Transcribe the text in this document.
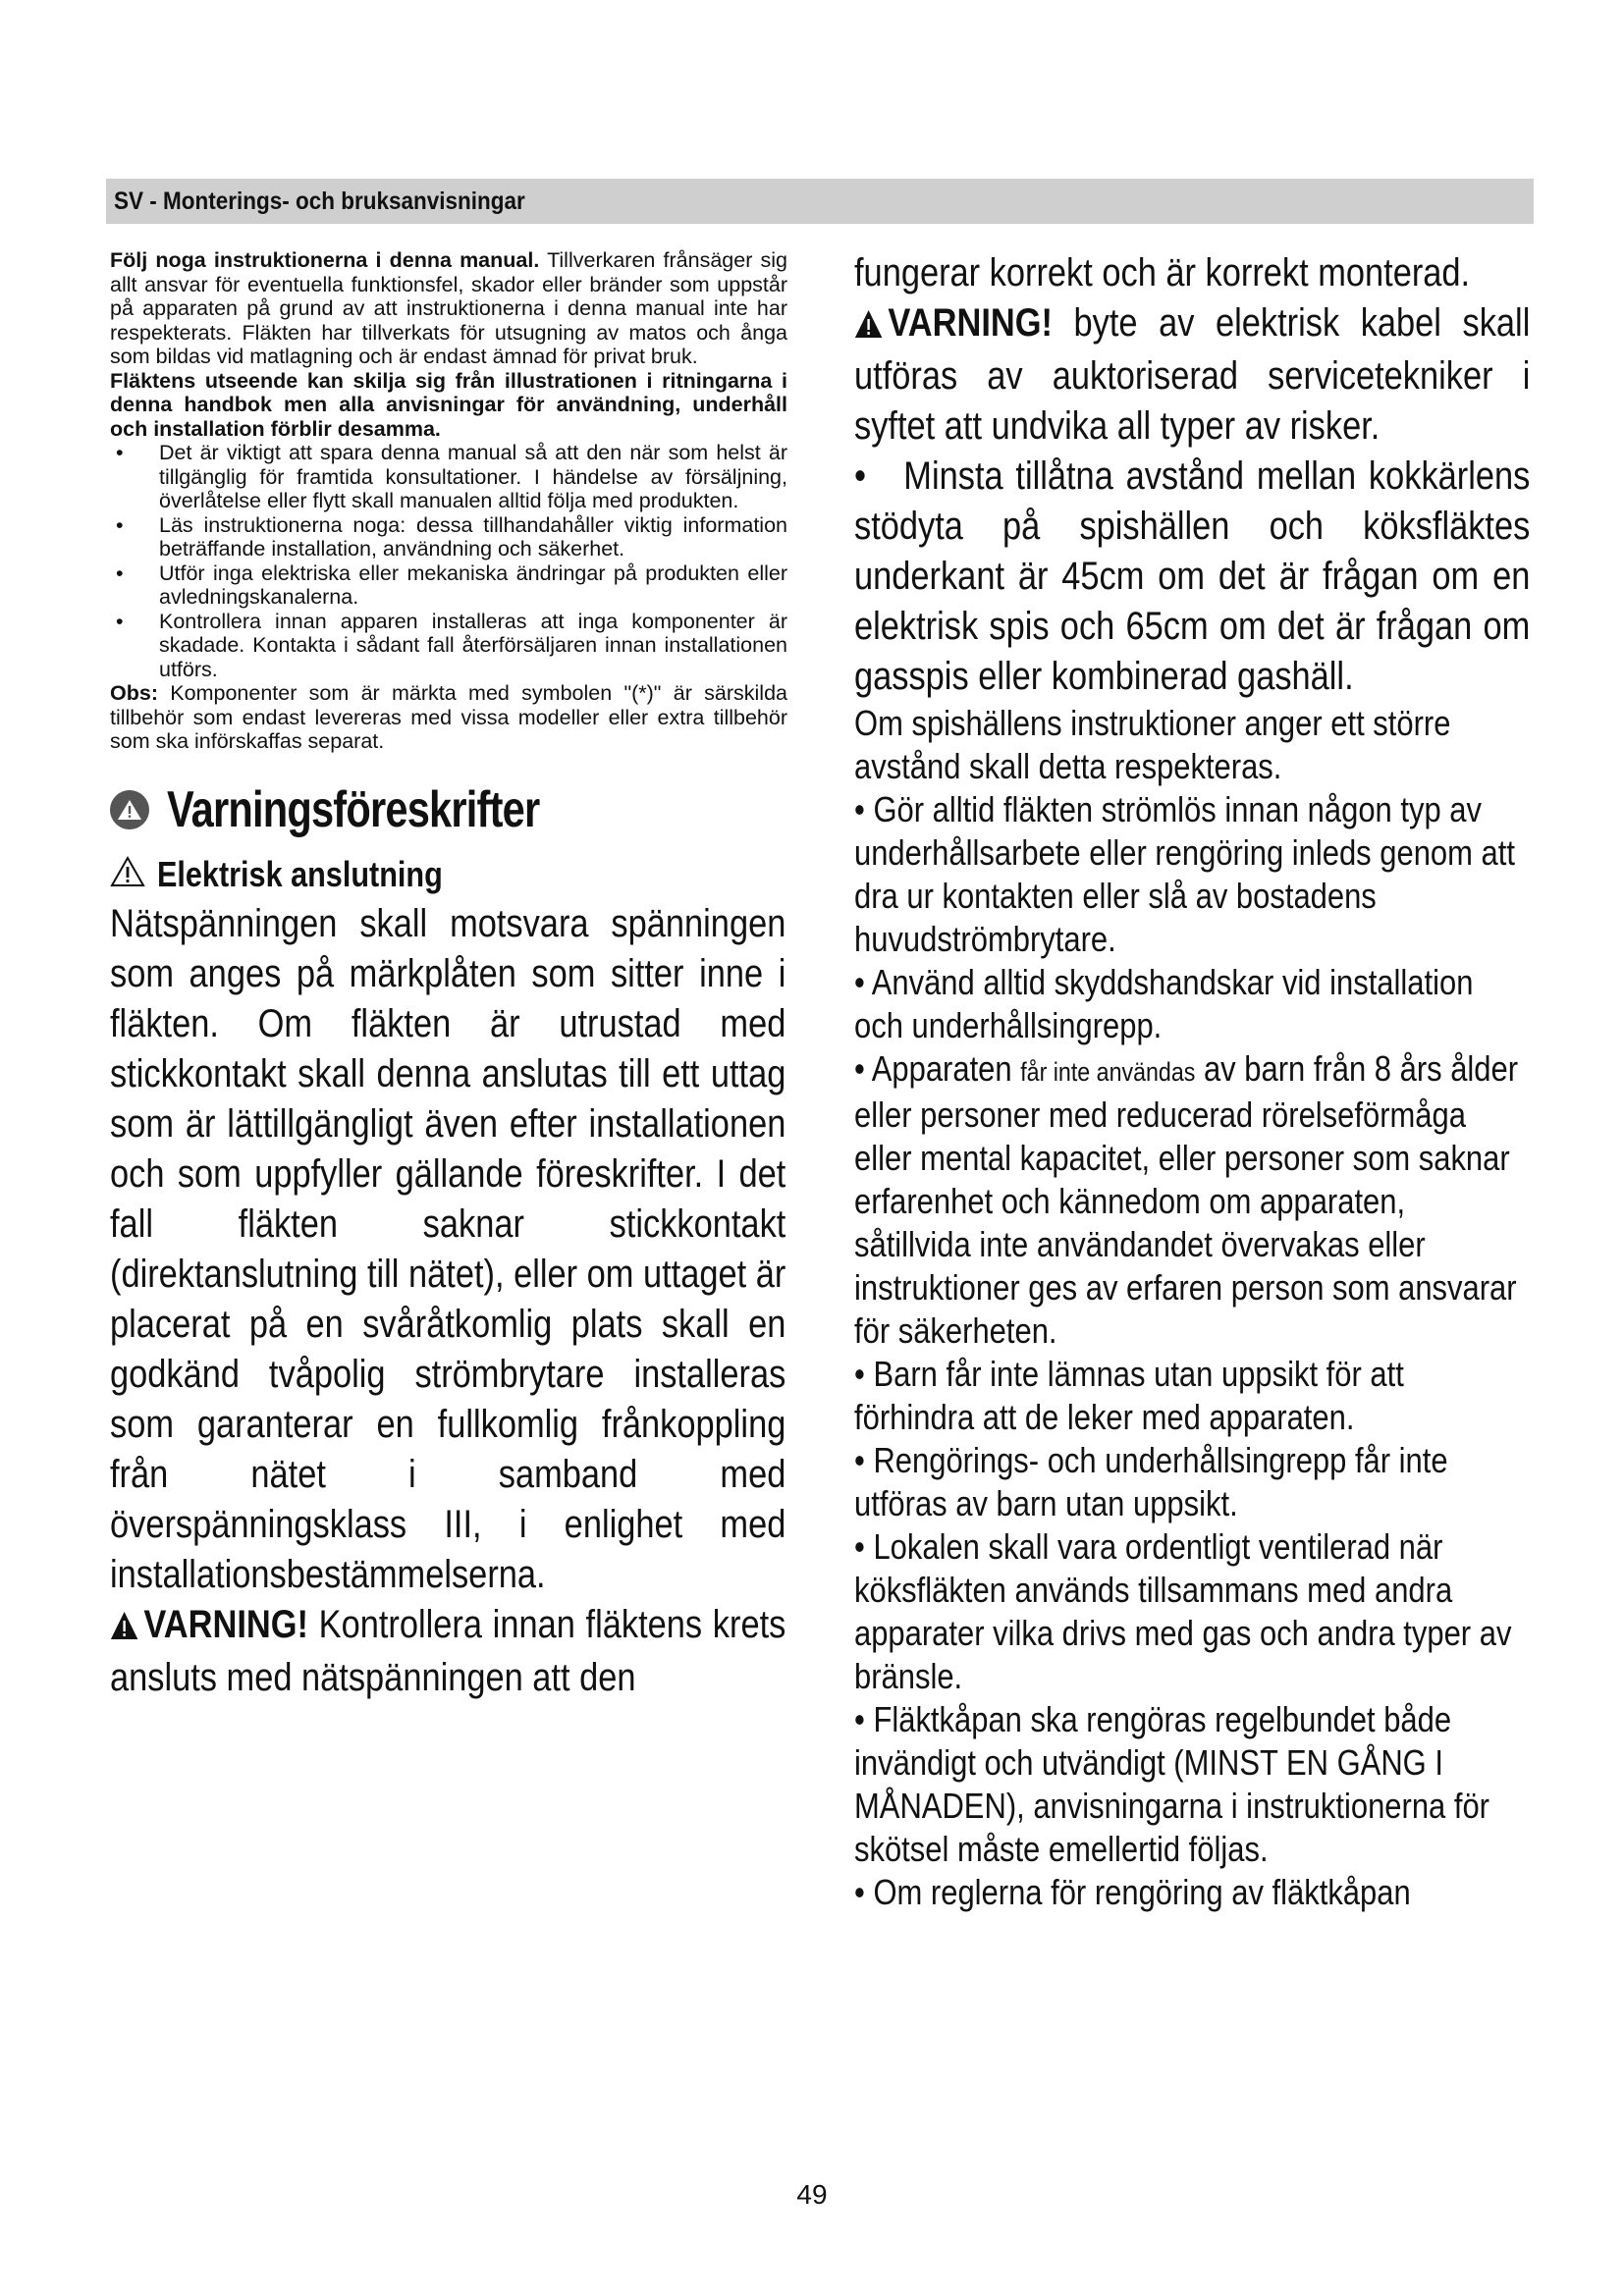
SV - Monterings- och bruksanvisningar

Följ noga instruktionerna i denna manual. Tillverkaren frånsäger sig allt ansvar för eventuella funktionsfel, skador eller bränder som uppstår på apparaten på grund av att instruktionerna i denna manual inte har respekterats. Fläkten har tillverkats för utsugning av matos och ånga som bildas vid matlagning och är endast ämnad för privat bruk.

Fläktens utseende kan skilja sig från illustrationen i ritningarna i denna handbok men alla anvisningar för användning, underhåll och installation förblir desamma.

•	Det är viktigt att spara denna manual så att den när som helst är tillgänglig för framtida konsultationer. I händelse av försäljning, överlåtelse eller flytt skall manualen alltid följa med produkten.
•	Läs instruktionerna noga: dessa tillhandahåller viktig information beträffande installation, användning och säkerhet.
•	Utför inga elektriska eller mekaniska ändringar på produkten eller avledningskanalerna.
•	Kontrollera innan apparen installeras att inga komponenter är skadade. Kontakta i sådant fall återförsäljaren innan installationen utförs.

Obs: Komponenter som är märkta med symbolen "(*)" är särskilda tillbehör som endast levereras med vissa modeller eller extra tillbehör som ska införskaffas separat.

Varningsföreskrifter
Elektrisk anslutning

Nätspänningen skall motsvara spänningen som anges på märkplåten som sitter inne i fläkten. Om fläkten är utrustad med stickkontakt skall denna anslutas till ett uttag som är lättillgängligt även efter installationen och som uppfyller gällande föreskrifter. I det fall fläkten saknar stickkontakt (direktanslutning till nätet), eller om uttaget är placerat på en svåråtkomlig plats skall en godkänd tvåpolig strömbrytare installeras som garanterar en fullkomlig frånkoppling från nätet i samband med överspänningsklass III, i enlighet med installationsbestämmelserna.

VARNING! Kontrollera innan fläktens krets ansluts med nätspänningen att den

fungerar korrekt och är korrekt monterad.

VARNING! byte av elektrisk kabel skall utföras av auktoriserad servicetekniker i syftet att undvika all typer av risker.

•   Minsta tillåtna avstånd mellan kokkärlens stödyta på spishällen och köksfläktes underkant är 45cm om det är frågan om en elektrisk spis och 65cm om det är frågan om gasspis eller kombinerad gashäll.

Om spishällens instruktioner anger ett större avstånd skall detta respekteras.

• Gör alltid fläkten strömlös innan någon typ av underhållsarbete eller rengöring inleds genom att dra ur kontakten eller slå av bostadens huvudströmbrytare.

• Använd alltid skyddshandskar vid installation och underhållsingrepp.

• Apparaten får inte användas av barn från 8 års ålder eller personer med reducerad rörelseförmåga eller mental kapacitet, eller personer som saknar erfarenhet och kännedom om apparaten, såtillvida inte användandet övervakas eller instruktioner ges av erfaren person som ansvarar för säkerheten.

• Barn får inte lämnas utan uppsikt för att förhindra att de leker med apparaten.

• Rengörings- och underhållsingrepp får inte utföras av barn utan uppsikt.

• Lokalen skall vara ordentligt ventilerad när köksfläkten används tillsammans med andra apparater vilka drivs med gas och andra typer av bränsle.

• Fläktkåpan ska rengöras regelbundet både invändigt och utvändigt (MINST EN GÅNG I MÅNADEN), anvisningarna i instruktionerna för skötsel måste emellertid följas.

• Om reglerna för rengöring av fläktkåpan

49
